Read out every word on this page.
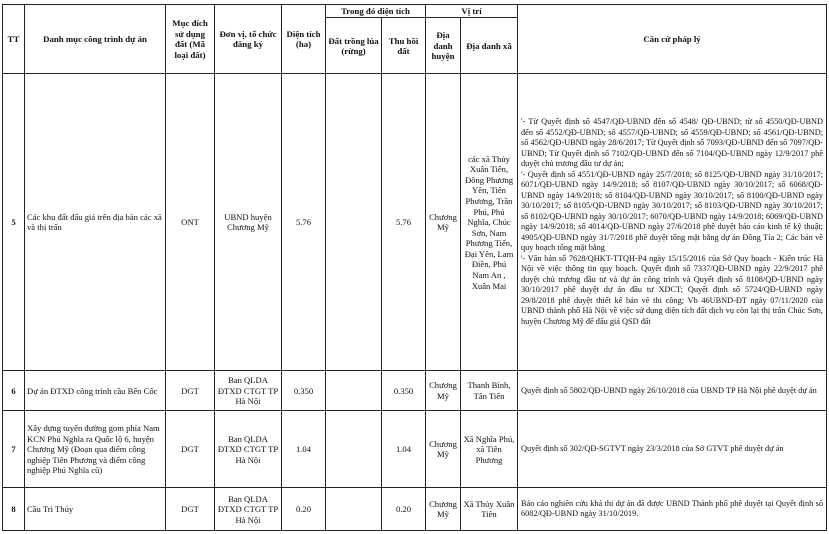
TT	Danh mục công trình dự án	Mục đích sử dụng đất (Mã loại đất)	Đơn vị, tổ chức đăng ký	Diện tích (ha)	Trong đó diện tích		Vị trí		Căn cứ pháp lý
					Đất trồng lúa (rừng)	Thu hồi đất	Địa danh huyện	Địa danh xã	
5	Các khu đất đấu giá trên địa bàn các xã và thị trấn	ONT	UBND huyện Chương Mỹ	5.76		5.76	Chương Mỹ	các xã Thủy Xuân Tiên, Đông Phương Yên, Tiên Phương, Trần Phú, Phú Nghĩa, Chúc Sơn, Nam Phương Tiến, Đại Yên, Lam Điền, Phú Nam An , Xuân Mai	'- Từ Quyết định số 4547/QĐ-UBND đến số 4548/ QĐ-UBND; từ số 4550/QĐ-UBND đến số 4552/QĐ-UBND; số 4557/QĐ-UBND; số 4559/QĐ-UBND; số 4561/QĐ-UBND; số 4562/QĐ-UBND ngày 28/6/2017; Từ Quyết định số 7093/QĐ-UBND đến số 7097/QĐ-UBND; Từ Quyết định số 7102/QĐ-UBND đến số 7104/QĐ-UBND ngày 12/9/2017 phê duyệt chủ trương đầu tư dự án;

'- Quyết định số 4551/QĐ-UBND ngày 25/7/2018; số 8125/QĐ-UBND ngày 31/10/2017; 6071/QĐ-UBND ngày 14/9/2018; số 8107/QĐ-UBND ngày 30/10/2017; số 6068/QĐ-UBND ngày 14/9/2018; số 8104/QĐ-UBND ngày 30/10/2017; số 8100/QĐ-UBND ngày 30/10/2017; số 8105/QĐ-UBND ngày 30/10/2017; số 8103/QĐ-UBND ngày 30/10/2017; số 8102/QĐ-UBND ngày 30/10/2017; 6070/QĐ-UBND ngày 14/9/2018; 6069/QĐ-UBND ngày 14/9/2018; số 4014/QĐ-UBND ngày 27/6/2018 phê duyệt báo cáo kinh tế kỹ thuật; 4905/QĐ-UBND ngày 31/7/2018 phê duyệt tổng mặt bằng dự án Đồng Tía 2; Các bản vẽ quy hoạch tổng mặt bằng

'- Văn bản số 7628/QHKT-TTQH-P4 ngày 15/15/2016 của Sở Quy hoạch - Kiến trúc Hà Nội về việc thông tin quy hoạch. Quyết định số 7337/QĐ-UBND ngày 22/9/2017 phê duyệt chủ trương đầu tư và dự án công trình và Quyết định số 8108/QĐ-UBND ngày 30/10/2017 phê duyệt dự án đầu tư XDCT; Quyết định số 5724/QĐ-UBND ngày 29/8/2018 phê duyệt thiết kế bản vẽ thi công; Vb 46UBND-ĐT ngày 07/11/2020 của UBND thành phố Hà Nội về việc sử dụng diện tích đất dịch vụ còn lại thị trấn Chúc Sơn, huyện Chương Mỹ để đấu giá QSD đất

6	Dự án ĐTXD công trình cầu Bến Cốc	DGT	Ban QLDA ĐTXD CTGT TP Hà Nội	0.350		0.350	Chương Mỹ	Thanh Bình, Tân Tiến	Quyết định số 5802/QĐ-UBND ngày 26/10/2018 của UBND TP Hà Nội phê duyệt dự án

7	Xây dựng tuyến đường gom phía Nam KCN Phú Nghĩa ra Quốc lộ 6, huyện Chương Mỹ (Đoạn qua điểm công nghiệp Tiên Phương và điểm công nghiệp Phú Nghĩa cũ)	DGT	Ban QLDA ĐTXD CTGT TP Hà Nội	1.04		1.04	Chương Mỹ	Xã Nghĩa Phú, xã Tiên Phương	Quyết định số 302/QĐ-SGTVT ngày 23/3/2018 của Sở GTVT phê duyệt dự án

8	Cầu Trì Thủy	DGT	Ban QLDA ĐTXD CTGT TP Hà Nội	0.20		0.20	Chương Mỹ	Xã Thủy Xuân Tiên	Báo cáo nghiên cứu khả thi dự án đã được UBND Thành phố phê duyệt tại Quyết định số 6082/QĐ-UBND ngày 31/10/2019.
